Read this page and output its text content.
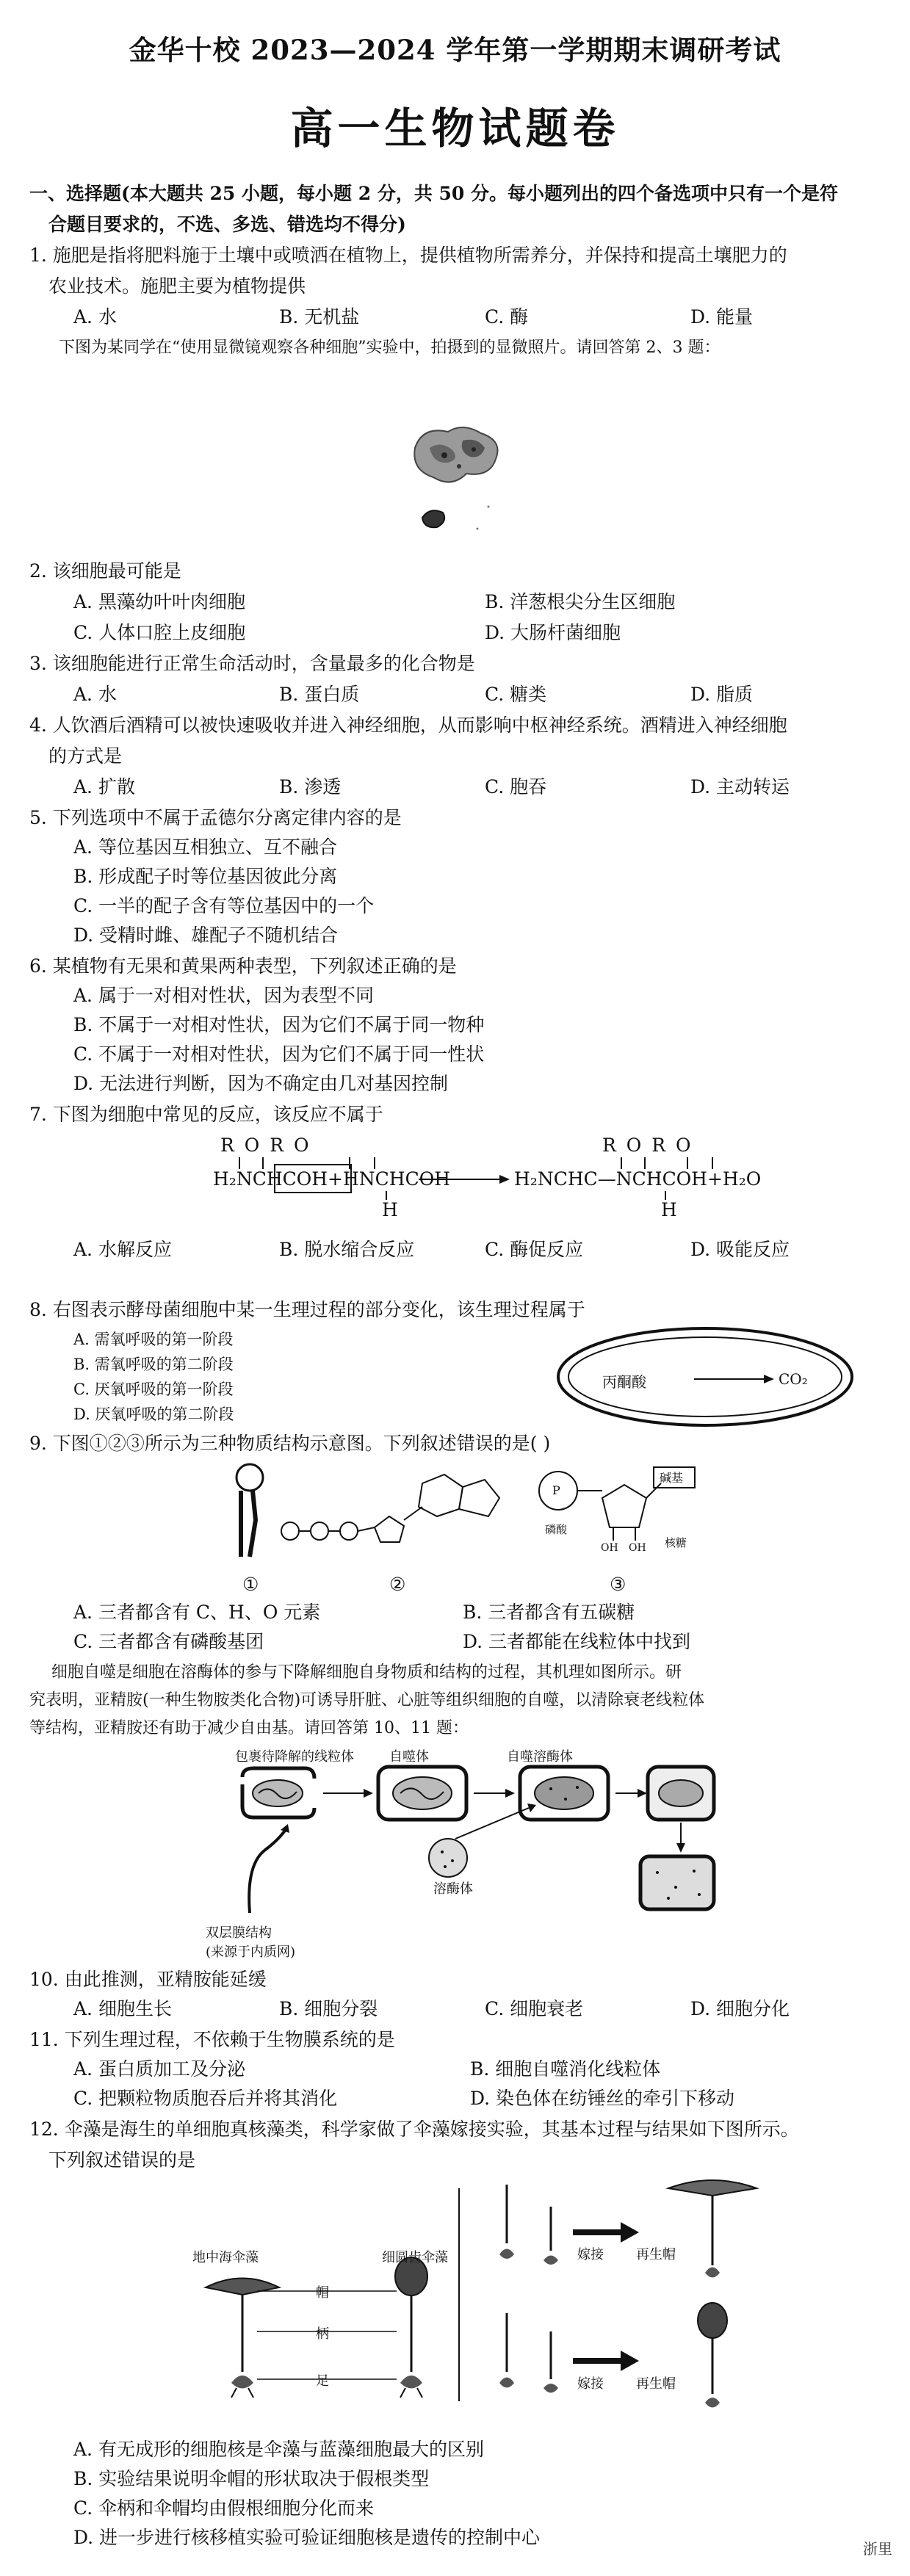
金华十校 2023—2024 学年第一学期期末调研考试
高一生物试题卷
一、选择题(本大题共 25 小题，每小题 2 分，共 50 分。每小题列出的四个备选项中只有一个是符
合题目要求的，不选、多选、错选均不得分)
1. 施肥是指将肥料施于土壤中或喷洒在植物上，提供植物所需养分，并保持和提高土壤肥力的
农业技术。施肥主要为植物提供
A. 水	B. 无机盐	C. 酶	D. 能量
下图为某同学在“使用显微镜观察各种细胞”实验中，拍摄到的显微照片。请回答第 2、3 题：
2. 该细胞最可能是
A. 黑藻幼叶叶肉细胞	B. 洋葱根尖分生区细胞
C. 人体口腔上皮细胞	D. 大肠杆菌细胞
3. 该细胞能进行正常生命活动时，含量最多的化合物是
A. 水	B. 蛋白质	C. 糖类	D. 脂质
4. 人饮酒后酒精可以被快速吸收并进入神经细胞，从而影响中枢神经系统。酒精进入神经细胞
的方式是
A. 扩散	B. 渗透	C. 胞吞	D. 主动转运
5. 下列选项中不属于孟德尔分离定律内容的是
A. 等位基因互相独立、互不融合
B. 形成配子时等位基因彼此分离
C. 一半的配子含有等位基因中的一个
D. 受精时雌、雄配子不随机结合
6. 某植物有无果和黄果两种表型，下列叙述正确的是
A. 属于一对相对性状，因为表型不同
B. 不属于一对相对性状，因为它们不属于同一物种
C. 不属于一对相对性状，因为它们不属于同一性状
D. 无法进行判断，因为不确定由几对基因控制
7. 下图为细胞中常见的反应，该反应不属于
R O R O	R O R O
H₂NCHCOH+HNCHCOH	H₂NCHC—NCHCOH+H₂O
H	H
A. 水解反应	B. 脱水缩合反应	C. 酶促反应	D. 吸能反应
8. 右图表示酵母菌细胞中某一生理过程的部分变化，该生理过程属于
A. 需氧呼吸的第一阶段
B. 需氧呼吸的第二阶段
C. 厌氧呼吸的第一阶段
D. 厌氧呼吸的第二阶段
丙酮酸	CO₂
9. 下图①②③所示为三种物质结构示意图。下列叙述错误的是( )
P
碱基
磷酸
OH OH 核糖
①	②	③
A. 三者都含有 C、H、O 元素	B. 三者都含有五碳糖
C. 三者都含有磷酸基团	D. 三者都能在线粒体中找到
细胞自噬是细胞在溶酶体的参与下降解细胞自身物质和结构的过程，其机理如图所示。研
究表明，亚精胺(一种生物胺类化合物)可诱导肝脏、心脏等组织细胞的自噬，以清除衰老线粒体
等结构，亚精胺还有助于减少自由基。请回答第 10、11 题：
包裹待降解的线粒体	自噬体	自噬溶酶体
溶酶体
双层膜结构
(来源于内质网)
10. 由此推测，亚精胺能延缓
A. 细胞生长	B. 细胞分裂	C. 细胞衰老	D. 细胞分化
11. 下列生理过程，不依赖于生物膜系统的是
A. 蛋白质加工及分泌	B. 细胞自噬消化线粒体
C. 把颗粒物质胞吞后并将其消化	D. 染色体在纺锤丝的牵引下移动
12. 伞藻是海生的单细胞真核藻类，科学家做了伞藻嫁接实验，其基本过程与结果如下图所示。
下列叙述错误的是
地中海伞藻	细圆齿伞藻
帽
柄
足
嫁接 再生帽
嫁接 再生帽
A. 有无成形的细胞核是伞藻与蓝藻细胞最大的区别
B. 实验结果说明伞帽的形状取决于假根类型
C. 伞柄和伞帽均由假根细胞分化而来
D. 进一步进行核移植实验可验证细胞核是遗传的控制中心
浙里
